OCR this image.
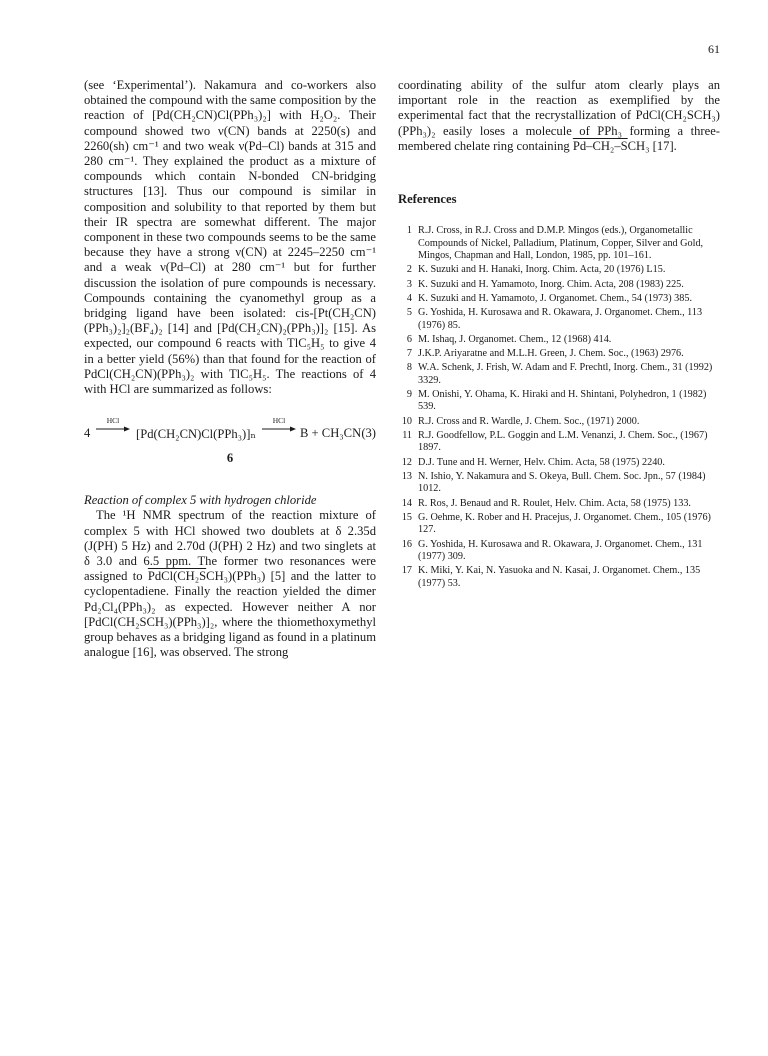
61

(see ‘Experimental’). Nakamura and co-workers also obtained the compound with the same composition by the reaction of [Pd(CH₂CN)Cl(PPh₃)₂] with H₂O₂. Their compound showed two ν(CN) bands at 2250(s) and 2260(sh) cm⁻¹ and two weak ν(Pd–Cl) bands at 315 and 280 cm⁻¹. They explained the product as a mixture of compounds which contain N-bonded CN-bridging structures [13]. Thus our compound is similar in composition and solubility to that reported by them but their IR spectra are somewhat different. The major component in these two compounds seems to be the same because they have a strong ν(CN) at 2245–2250 cm⁻¹ and a weak ν(Pd–Cl) at 280 cm⁻¹ but for further discussion the isolation of pure compounds is necessary. Compounds containing the cyanomethyl group as a bridging ligand have been isolated: cis-[Pt(CH₂CN)(PPh₃)₂]₂(BF₄)₂ [14] and [Pd(CH₂CN)₂(PPh₃)]₂ [15]. As expected, our compound 6 reacts with TlC₅H₅ to give 4 in a better yield (56%) than that found for the reaction of PdCl(CH₂CN)(PPh₃)₂ with TlC₅H₅. The reactions of 4 with HCl are summarized as follows:

4
HCl
[Pd(CH₂CN)Cl(PPh₃)]ₙ
HCl
B + CH₃CN (3)
6
Reaction of complex 5 with hydrogen chloride

The ¹H NMR spectrum of the reaction mixture of complex 5 with HCl showed two doublets at δ 2.35d (J(PH) 5 Hz) and 2.70d (J(PH) 2 Hz) and two singlets at δ 3.0 and 6.5 ppm. The former two resonances were assigned to PdCl(CH₂SCH₃)(PPh₃) [5] and the latter to cyclopentadiene. Finally the reaction yielded the dimer Pd₂Cl₄(PPh₃)₂ as expected. However neither A nor [PdCl(CH₂SCH₃)(PPh₃)]₂, where the thiomethoxymethyl group behaves as a bridging ligand as found in a platinum analogue [16], was observed. The strong

coordinating ability of the sulfur atom clearly plays an important role in the reaction as exemplified by the experimental fact that the recrystallization of PdCl(CH₂SCH₃)(PPh₃)₂ easily loses a molecule of PPh₃ forming a three-membered chelate ring containing Pd–CH₂–SCH₃ [17].

References
1 R.J. Cross, in R.J. Cross and D.M.P. Mingos (eds.), Organometallic Compounds of Nickel, Palladium, Platinum, Copper, Silver and Gold, Mingos, Chapman and Hall, London, 1985, pp. 101–161.
2 K. Suzuki and H. Hanaki, Inorg. Chim. Acta, 20 (1976) L15.
3 K. Suzuki and H. Yamamoto, Inorg. Chim. Acta, 208 (1983) 225.
4 K. Suzuki and H. Yamamoto, J. Organomet. Chem., 54 (1973) 385.
5 G. Yoshida, H. Kurosawa and R. Okawara, J. Organomet. Chem., 113 (1976) 85.
6 M. Ishaq, J. Organomet. Chem., 12 (1968) 414.
7 J.K.P. Ariyaratne and M.L.H. Green, J. Chem. Soc., (1963) 2976.
8 W.A. Schenk, J. Frish, W. Adam and F. Prechtl, Inorg. Chem., 31 (1992) 3329.
9 M. Onishi, Y. Ohama, K. Hiraki and H. Shintani, Polyhedron, 1 (1982) 539.
10 R.J. Cross and R. Wardle, J. Chem. Soc., (1971) 2000.
11 R.J. Goodfellow, P.L. Goggin and L.M. Venanzi, J. Chem. Soc., (1967) 1897.
12 D.J. Tune and H. Werner, Helv. Chim. Acta, 58 (1975) 2240.
13 N. Ishio, Y. Nakamura and S. Okeya, Bull. Chem. Soc. Jpn., 57 (1984) 1012.
14 R. Ros, J. Benaud and R. Roulet, Helv. Chim. Acta, 58 (1975) 133.
15 G. Oehme, K. Rober and H. Pracejus, J. Organomet. Chem., 105 (1976) 127.
16 G. Yoshida, H. Kurosawa and R. Okawara, J. Organomet. Chem., 131 (1977) 309.
17 K. Miki, Y. Kai, N. Yasuoka and N. Kasai, J. Organomet. Chem., 135 (1977) 53.
